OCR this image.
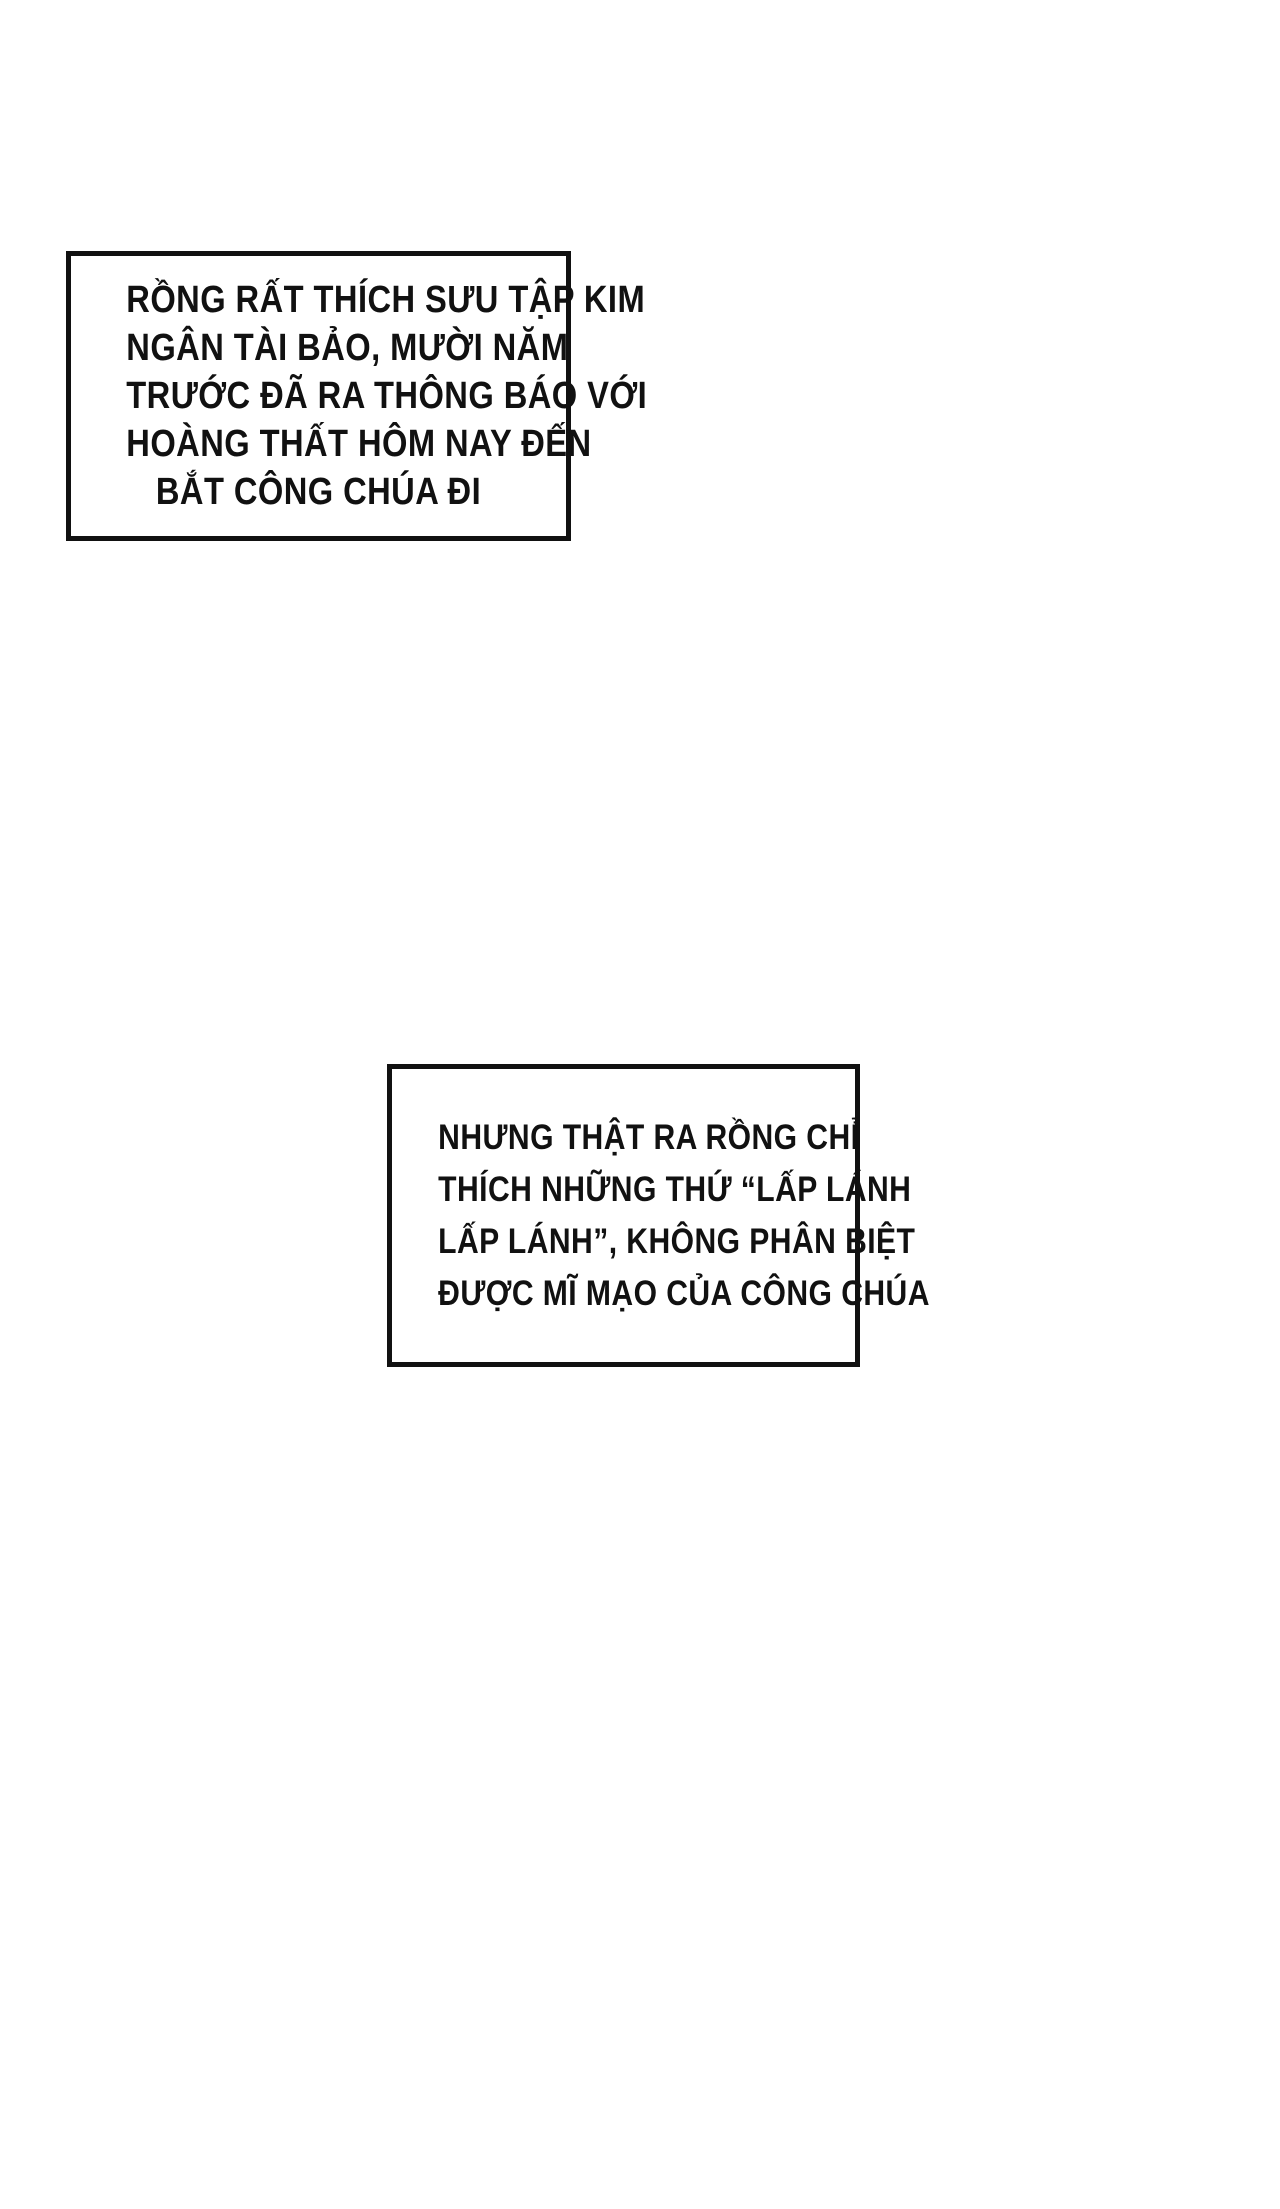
RỒNG RẤT THÍCH SƯU TẬP KIM
NGÂN TÀI BẢO, MƯỜI NĂM
TRƯỚC ĐÃ RA THÔNG BÁO VỚI
HOÀNG THẤT HÔM NAY ĐẾN
BẮT CÔNG CHÚA ĐI
NHƯNG THẬT RA RỒNG CHỈ
THÍCH NHỮNG THỨ “LẤP LÁNH
LẤP LÁNH”, KHÔNG PHÂN BIỆT
ĐƯỢC MĨ MẠO CỦA CÔNG CHÚA
